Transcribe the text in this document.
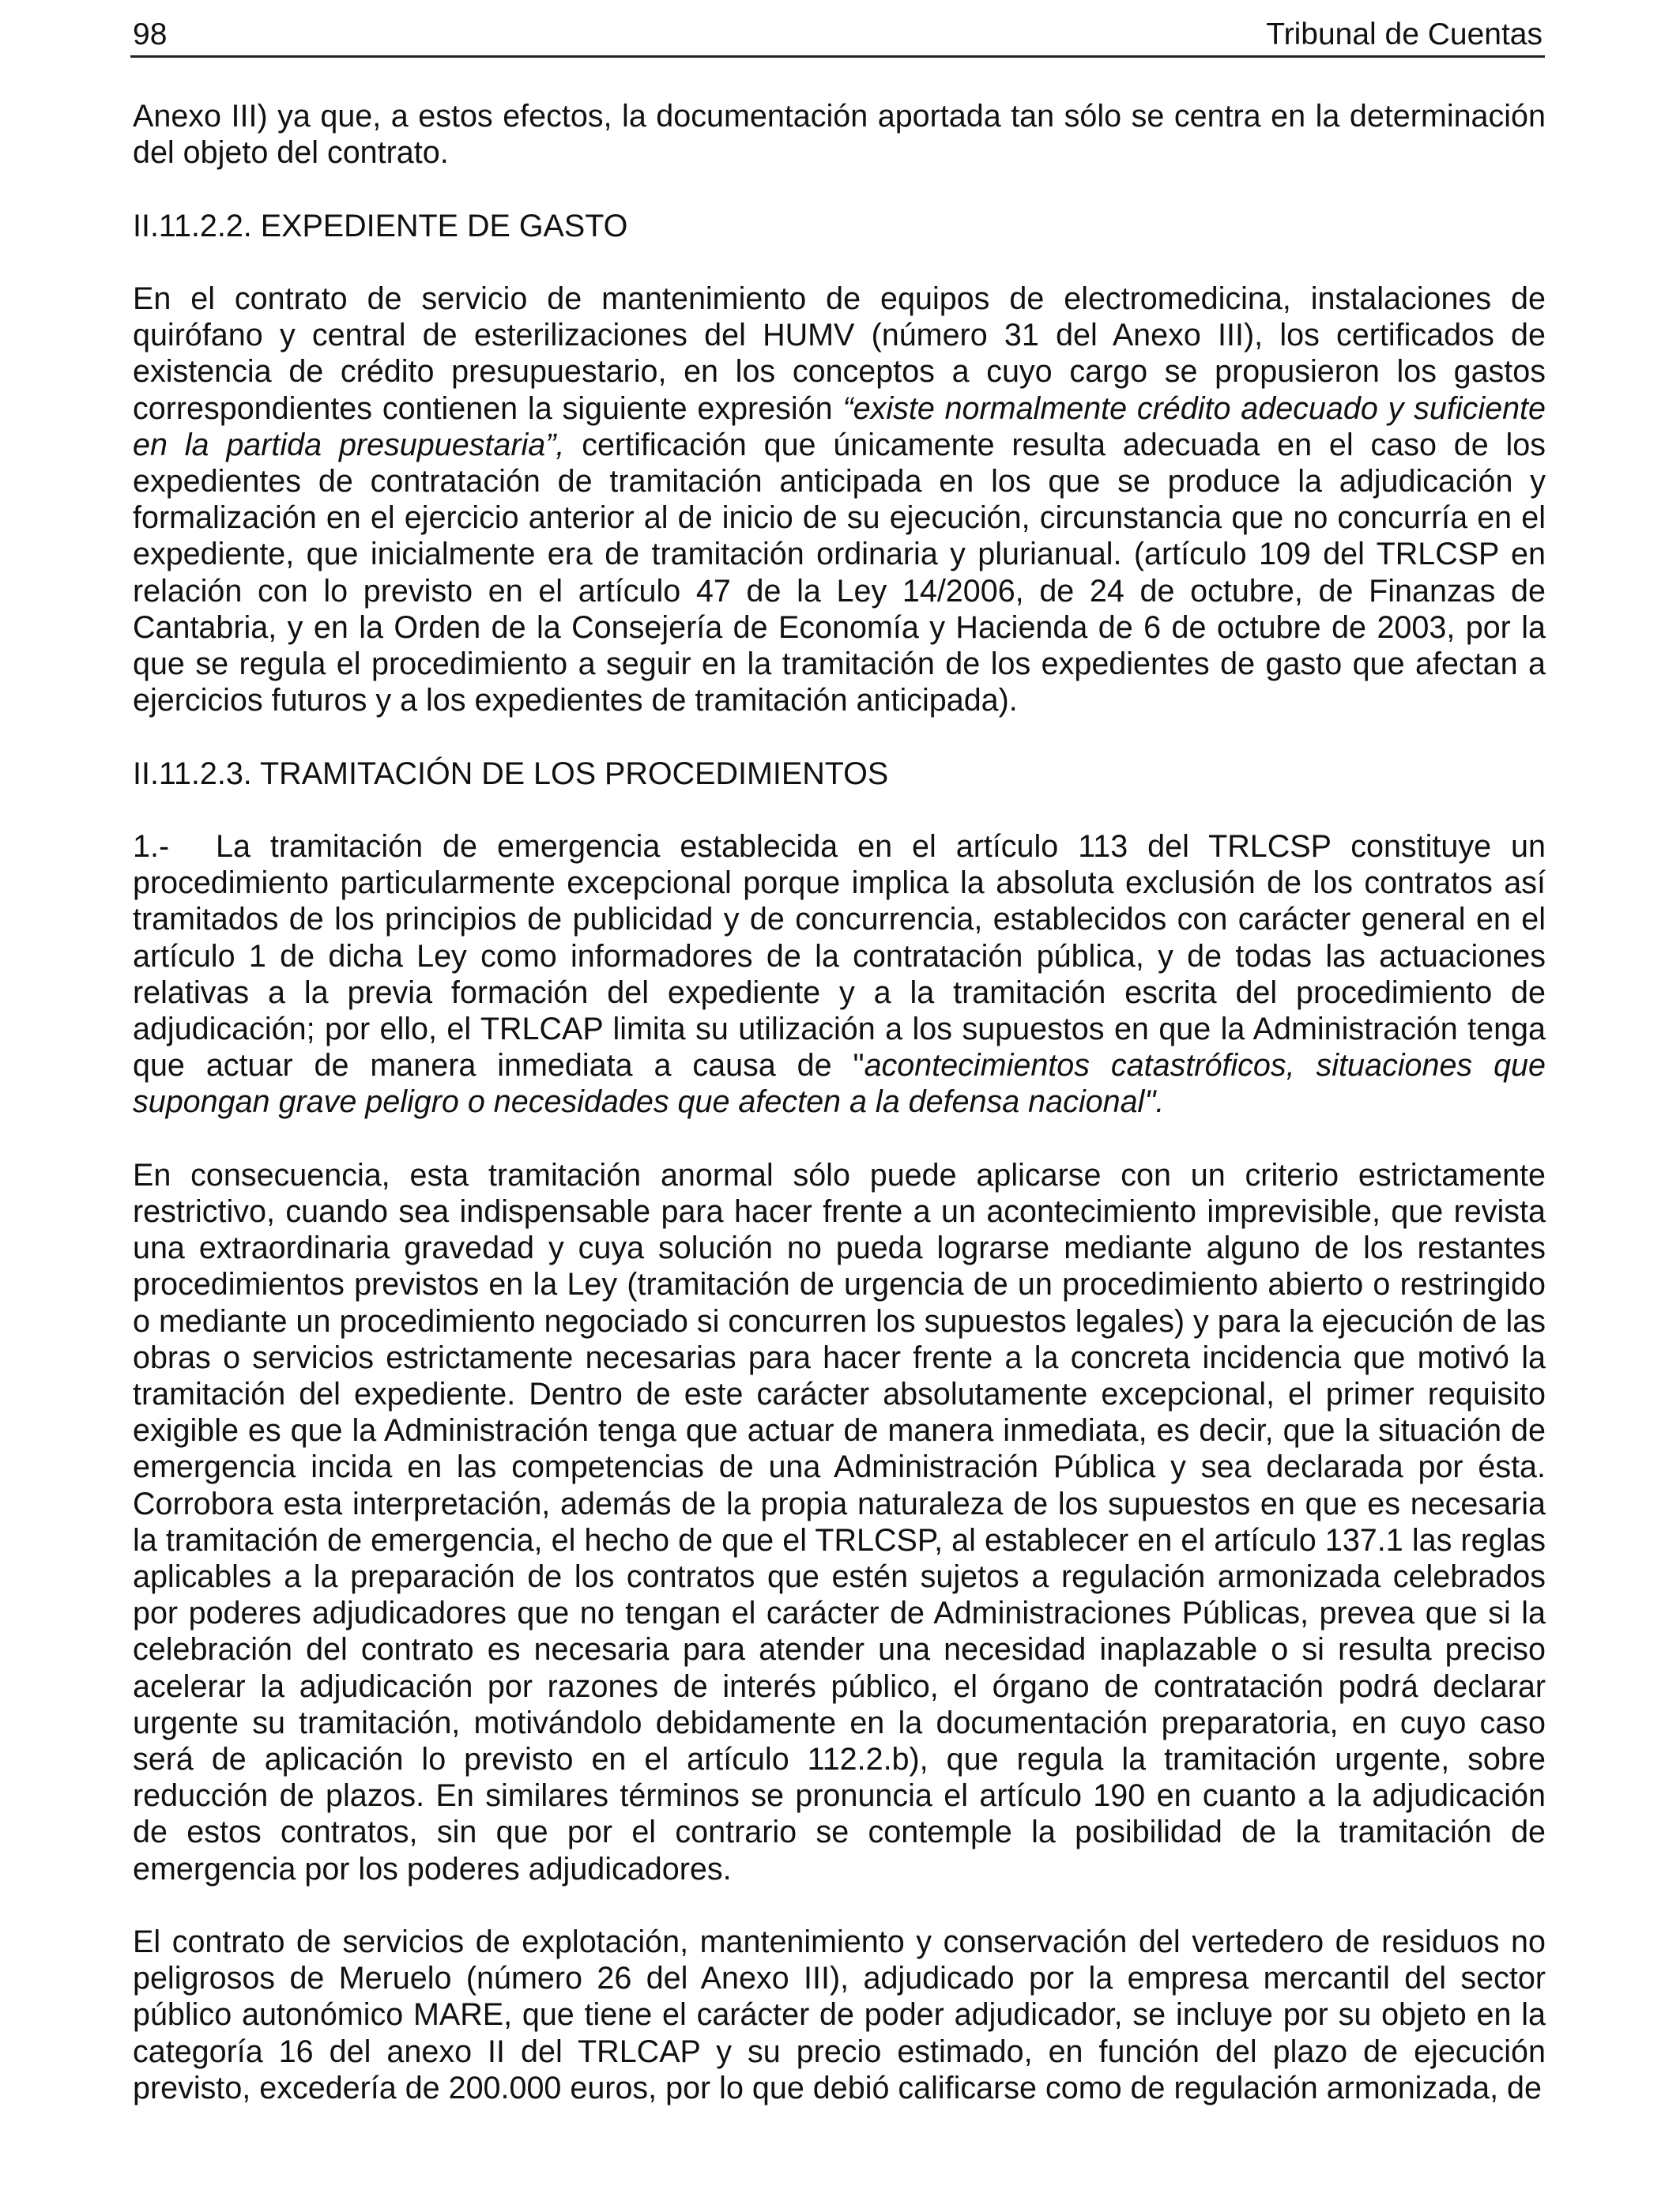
98	Tribunal de Cuentas

Anexo III) ya que, a estos efectos, la documentación aportada tan sólo se centra en la determinación del objeto del contrato.

II.11.2.2. EXPEDIENTE DE GASTO

En el contrato de servicio de mantenimiento de equipos de electromedicina, instalaciones de quirófano y central de esterilizaciones del HUMV (número 31 del Anexo III), los certificados de existencia de crédito presupuestario, en los conceptos a cuyo cargo se propusieron los gastos correspondientes contienen la siguiente expresión “existe normalmente crédito adecuado y suficiente en la partida presupuestaria”, certificación que únicamente resulta adecuada en el caso de los expedientes de contratación de tramitación anticipada en los que se produce la adjudicación y formalización en el ejercicio anterior al de inicio de su ejecución, circunstancia que no concurría en el expediente, que inicialmente era de tramitación ordinaria y plurianual. (artículo 109 del TRLCSP en relación con lo previsto en el artículo 47 de la Ley 14/2006, de 24 de octubre, de Finanzas de Cantabria, y en la Orden de la Consejería de Economía y Hacienda de 6 de octubre de 2003, por la que se regula el procedimiento a seguir en la tramitación de los expedientes de gasto que afectan a ejercicios futuros y a los expedientes de tramitación anticipada).

II.11.2.3. TRAMITACIÓN DE LOS PROCEDIMIENTOS

1.- La tramitación de emergencia establecida en el artículo 113 del TRLCSP constituye un procedimiento particularmente excepcional porque implica la absoluta exclusión de los contratos así tramitados de los principios de publicidad y de concurrencia, establecidos con carácter general en el artículo 1 de dicha Ley como informadores de la contratación pública, y de todas las actuaciones relativas a la previa formación del expediente y a la tramitación escrita del procedimiento de adjudicación; por ello, el TRLCAP limita su utilización a los supuestos en que la Administración tenga que actuar de manera inmediata a causa de "acontecimientos catastróficos, situaciones que supongan grave peligro o necesidades que afecten a la defensa nacional".

En consecuencia, esta tramitación anormal sólo puede aplicarse con un criterio estrictamente restrictivo, cuando sea indispensable para hacer frente a un acontecimiento imprevisible, que revista una extraordinaria gravedad y cuya solución no pueda lograrse mediante alguno de los restantes procedimientos previstos en la Ley (tramitación de urgencia de un procedimiento abierto o restringido o mediante un procedimiento negociado si concurren los supuestos legales) y para la ejecución de las obras o servicios estrictamente necesarias para hacer frente a la concreta incidencia que motivó la tramitación del expediente. Dentro de este carácter absolutamente excepcional, el primer requisito exigible es que la Administración tenga que actuar de manera inmediata, es decir, que la situación de emergencia incida en las competencias de una Administración Pública y sea declarada por ésta. Corrobora esta interpretación, además de la propia naturaleza de los supuestos en que es necesaria la tramitación de emergencia, el hecho de que el TRLCSP, al establecer en el artículo 137.1 las reglas aplicables a la preparación de los contratos que estén sujetos a regulación armonizada celebrados por poderes adjudicadores que no tengan el carácter de Administraciones Públicas, prevea que si la celebración del contrato es necesaria para atender una necesidad inaplazable o si resulta preciso acelerar la adjudicación por razones de interés público, el órgano de contratación podrá declarar urgente su tramitación, motivándolo debidamente en la documentación preparatoria, en cuyo caso será de aplicación lo previsto en el artículo 112.2.b), que regula la tramitación urgente, sobre reducción de plazos. En similares términos se pronuncia el artículo 190 en cuanto a la adjudicación de estos contratos, sin que por el contrario se contemple la posibilidad de la tramitación de emergencia por los poderes adjudicadores.

El contrato de servicios de explotación, mantenimiento y conservación del vertedero de residuos no peligrosos de Meruelo (número 26 del Anexo III), adjudicado por la empresa mercantil del sector público autonómico MARE, que tiene el carácter de poder adjudicador, se incluye por su objeto en la categoría 16 del anexo II del TRLCAP y su precio estimado, en función del plazo de ejecución previsto, excedería de 200.000 euros, por lo que debió calificarse como de regulación armonizada, de
